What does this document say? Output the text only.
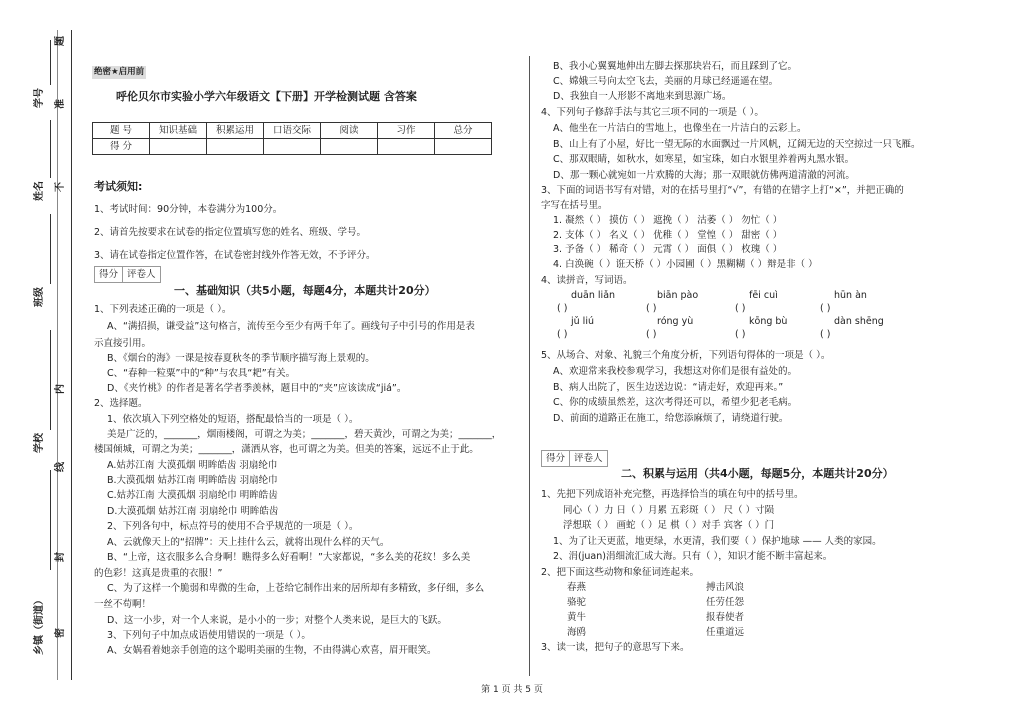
题
学号 准
姓名 不
班级
内
学校
线
封
乡镇（街道） 密
绝密★启用前
呼伦贝尔市实验小学六年级语文【下册】开学检测试题 含答案
题 号	知识基础	积累运用	口语交际	阅读	习作	总分
得 分						
考试须知:
1、考试时间：90分钟，本卷满分为100分。
2、请首先按要求在试卷的指定位置填写您的姓名、班级、学号。
3、请在试卷指定位置作答，在试卷密封线外作答无效，不予评分。
得分 评卷人
一、基础知识（共5小题，每题4分，本题共计20分）
1、下列表述正确的一项是（ ）。
A、“满招损，谦受益”这句格言，流传至今至少有两千年了。画线句子中引号的作用是表
示直接引用。
B、《烟台的海》一课是按春夏秋冬的季节顺序描写海上景观的。
C、“春种一粒粟”中的“种”与农具“耙”有关。
D、《夹竹桃》的作者是著名学者季羡林，题目中的“夹”应该读成“jiá”。
2、选择题。
1、依次填入下列空格处的短语，搭配最恰当的一项是（ ）。
美是广泛的，_______，烟雨楼阁，可谓之为美；_______，碧天黄沙，可谓之为美；_______，
楼国倾城，可谓之为美；_______，潇洒从容，也可谓之为美。但美的答案，远远不止于此。
A.姑苏江南 大漠孤烟 明眸皓齿 羽扇纶巾
B.大漠孤烟 姑苏江南 明眸皓齿 羽扇纶巾
C.姑苏江南 大漠孤烟 羽扇纶巾 明眸皓齿
D.大漠孤烟 姑苏江南 羽扇纶巾 明眸皓齿
2、下列各句中，标点符号的使用不合乎规范的一项是（ ）。
A、云就像天上的“招牌”：天上挂什么云，就将出现什么样的天气。
B、“上帝，这衣服多么合身啊！瞧得多么好看啊！”大家都说，“多么美的花纹！多么美
的色彩！这真是贵重的衣服！”
C、为了这样一个脆弱和卑微的生命，上苍给它制作出来的居所却有多精致，多仔细，多么
一丝不苟啊！
D、这一小步，对一个人来说，是小小的一步；对整个人类来说，是巨大的飞跃。
3、下列句子中加点成语使用错误的一项是（ ）。
A、女娲看着她亲手创造的这个聪明美丽的生物，不由得满心欢喜，眉开眼笑。
B、我小心翼翼地伸出左脚去探那块岩石，而且踩到了它。
C、嫦娥三号向太空飞去，美丽的月球已经遥遥在望。
D、我独自一人形影不离地来到思源广场。
4、下列句子修辞手法与其它三项不同的一项是（ ）。
A、他坐在一片洁白的雪地上，也像坐在一片洁白的云彩上。
B、山上有了小屋，好比一望无际的水面飘过一片风帆，辽阔无边的天空掠过一只飞雁。
C、那双眼睛，如秋水，如寒星，如宝珠，如白水银里养着两丸黑水银。
D、那一颗心就宛如一片欢腾的大海；那一双眼就仿佛两道清澈的河流。
3、下面的词语书写有对错，对的在括号里打“√”，有错的在错字上打“×”，并把正确的
字写在括号里。
1. 凝然（ ） 摸仿（ ） 遮挽（ ） 沽萎（ ） 勿忙（ ）
2. 支体（ ） 名义（ ） 优稚（ ） 堂惶（ ） 甜密（ ）
3. 予备（ ） 稀奇（ ） 元霄（ ） 面俱（ ） 枚瑰（ ）
4. 白涣碗（ ）诳天桥（ ）小园圃（ ）黑糊糊（ ）辩是非（ ）
4、读拼音，写词语。
duān liǎn
( )
biān pào
( )
fēi cuì
( )
hūn àn
( )
jǔ liú
( )
róng yù
( )
kōng bù
( )
dàn shēng
( )
5、从场合、对象、礼貌三个角度分析，下列语句得体的一项是（ ）。
A、欢迎常来我校参观学习，我想这对你们是很有益处的。
B、病人出院了，医生边送边说：“请走好，欢迎再来。”
C、你的成绩虽然差，这次考得还可以，希望少犯老毛病。
D、前面的道路正在施工，给您添麻烦了，请绕道行驶。
得分 评卷人
二、积累与运用（共4小题，每题5分，本题共计20分）
1、先把下列成语补充完整，再选择恰当的填在句中的括号里。
同心（ ）力 日（ ）月累 五彩斑（ ） 尺（ ）寸陨
浮想联（ ） 画蛇（ ）足 棋（ ）对手 宾客（ ）门
1、为了让天更蓝，地更绿，水更清，我们要（ ）保护地球 —— 人类的家园。
2、涓(juan)涓细流汇成大海。只有（ ），知识才能不断丰富起来。
2、把下面这些动物和象征词连起来。
春燕
骆驼
黄牛
海鸥
搏击风浪
任劳任怨
报春使者
任重道远
3、读一读，把句子的意思写下来。
第 1 页 共 5 页
